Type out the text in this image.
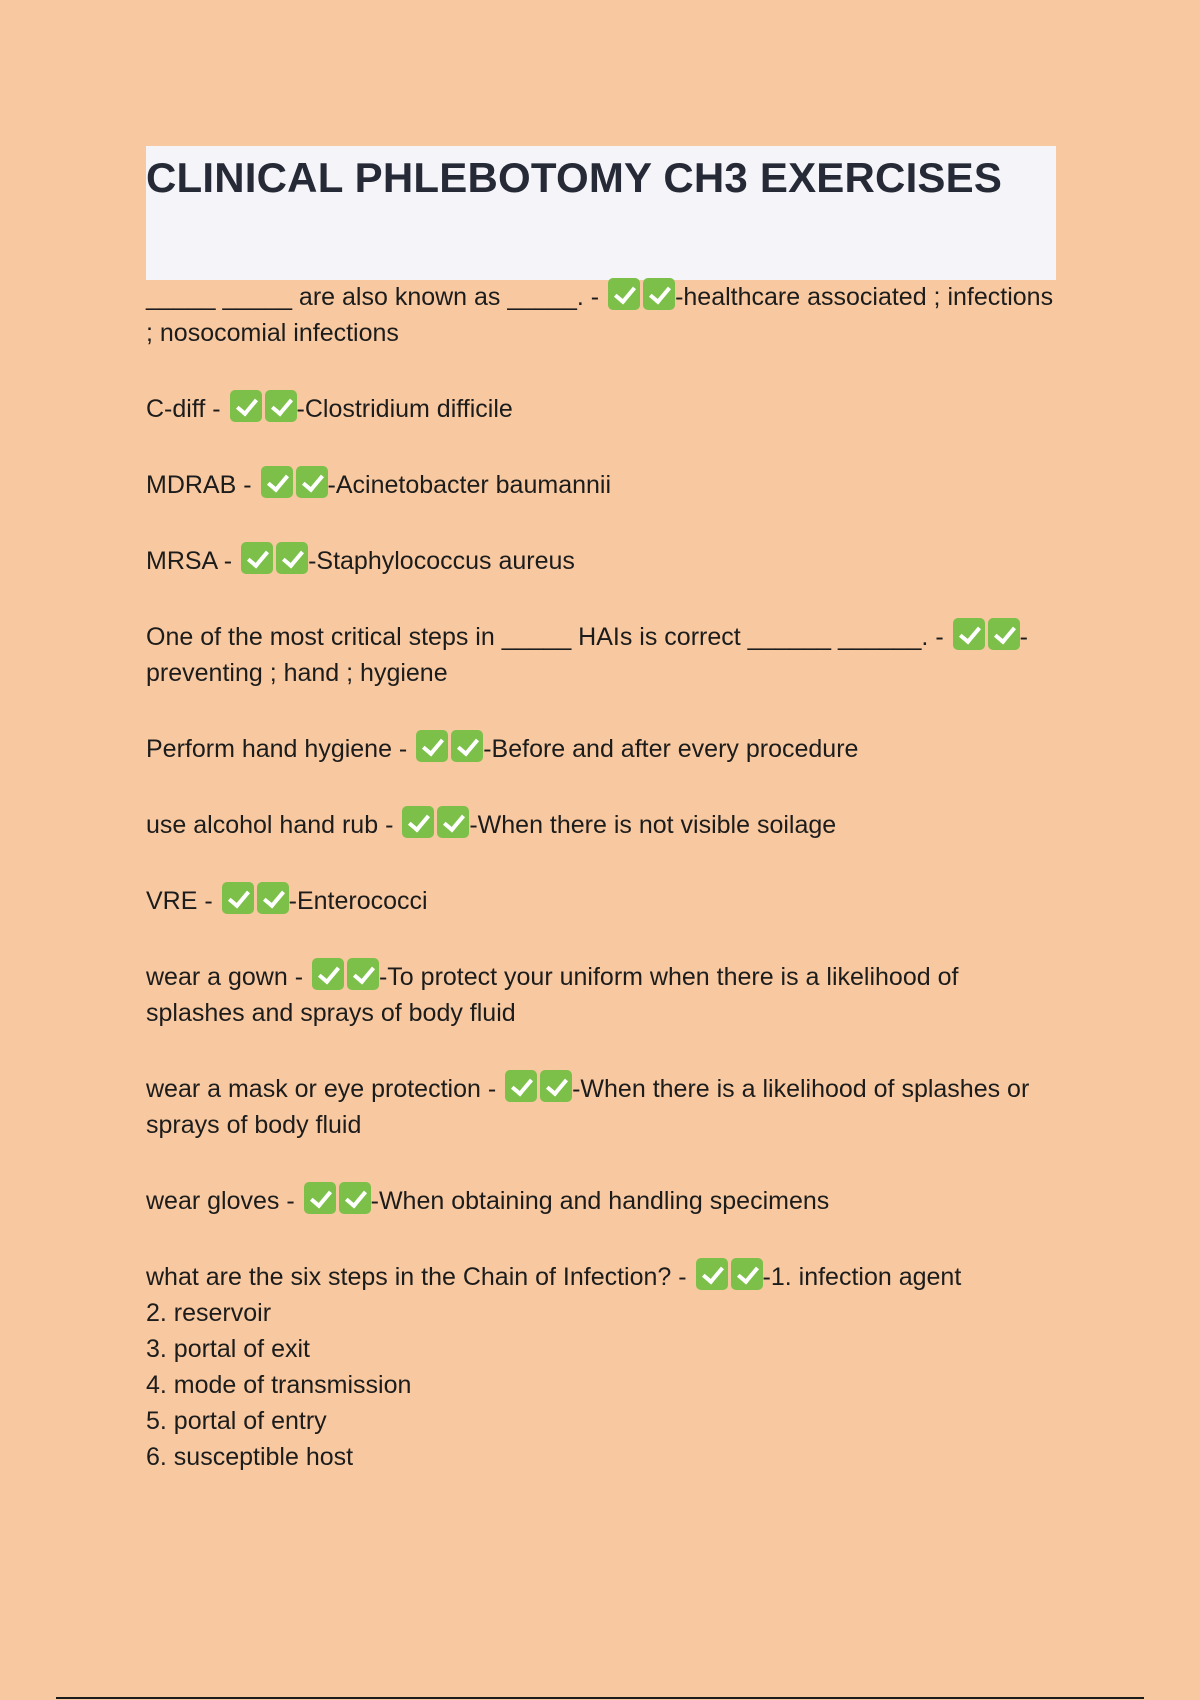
CLINICAL PHLEBOTOMY CH3 EXERCISES
_____ _____ are also known as _____. -	-healthcare associated ; infections ; nosocomial infections
C-diff -	-Clostridium difficile
MDRAB -	-Acinetobacter baumannii
MRSA -	-Staphylococcus aureus
One of the most critical steps in _____ HAIs is correct ______ ______. -	-preventing ; hand ; hygiene
Perform hand hygiene -	-Before and after every procedure
use alcohol hand rub -	-When there is not visible soilage
VRE -	-Enterococci
wear a gown -	-To protect your uniform when there is a likelihood of splashes and sprays of body fluid
wear a mask or eye protection -	-When there is a likelihood of splashes or sprays of body fluid
wear gloves -	-When obtaining and handling specimens
what are the six steps in the Chain of Infection? -	-1. infection agent
2. reservoir
3. portal of exit
4. mode of transmission
5. portal of entry
6. susceptible host
